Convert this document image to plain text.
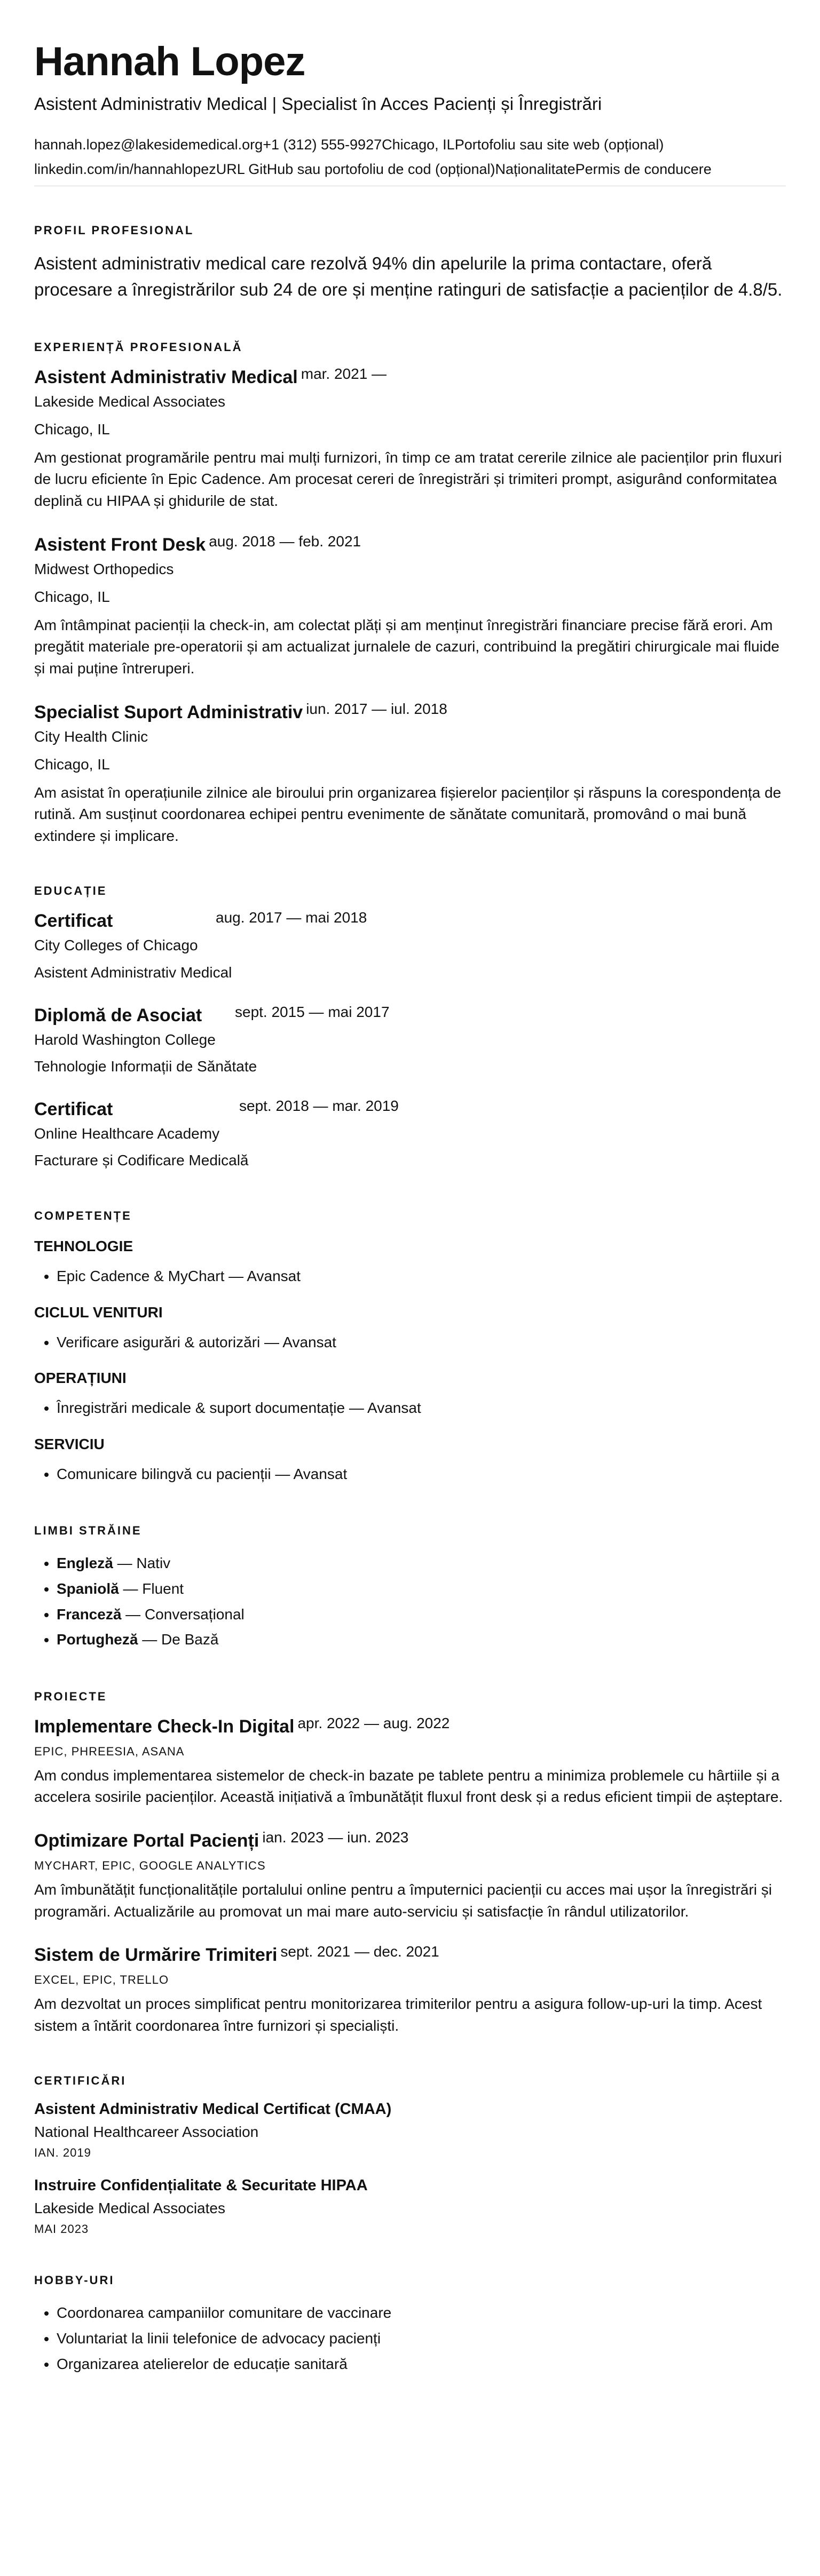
Hannah Lopez
Asistent Administrativ Medical | Specialist în Acces Pacienți și Înregistrări
hannah.lopez@lakesidemedical.org+1 (312) 555-9927Chicago, ILPortofoliu sau site web (opțional)
linkedin.com/in/hannahlopezURL GitHub sau portofoliu de cod (opțional)NaționalitatePermis de conducere
PROFIL PROFESIONAL
Asistent administrativ medical care rezolvă 94% din apelurile la prima contactare, oferă procesare a înregistrărilor sub 24 de ore și menține ratinguri de satisfacție a pacienților de 4.8/5.
EXPERIENȚĂ PROFESIONALĂ
Asistent Administrativ Medical mar. 2021 —
Lakeside Medical Associates
Chicago, IL
Am gestionat programările pentru mai mulți furnizori, în timp ce am tratat cererile zilnice ale pacienților prin fluxuri de lucru eficiente în Epic Cadence. Am procesat cereri de înregistrări și trimiteri prompt, asigurând conformitatea deplină cu HIPAA și ghidurile de stat.
Asistent Front Desk aug. 2018 — feb. 2021
Midwest Orthopedics
Chicago, IL
Am întâmpinat pacienții la check-in, am colectat plăți și am menținut înregistrări financiare precise fără erori. Am pregătit materiale pre-operatorii și am actualizat jurnalele de cazuri, contribuind la pregătiri chirurgicale mai fluide și mai puține întreruperi.
Specialist Suport Administrativ iun. 2017 — iul. 2018
City Health Clinic
Chicago, IL
Am asistat în operațiunile zilnice ale biroului prin organizarea fișierelor pacienților și răspuns la corespondența de rutină. Am susținut coordonarea echipei pentru evenimente de sănătate comunitară, promovând o mai bună extindere și implicare.
EDUCAȚIE
Certificat	aug. 2017 — mai 2018
City Colleges of Chicago
Asistent Administrativ Medical
Diplomă de Asociat	sept. 2015 — mai 2017
Harold Washington College
Tehnologie Informații de Sănătate
Certificat	sept. 2018 — mar. 2019
Online Healthcare Academy
Facturare și Codificare Medicală
COMPETENȚE
TEHNOLOGIE
• Epic Cadence & MyChart — Avansat
CICLUL VENITURI
• Verificare asigurări & autorizări — Avansat
OPERAȚIUNI
• Înregistrări medicale & suport documentație — Avansat
SERVICIU
• Comunicare bilingvă cu pacienții — Avansat
LIMBI STRĂINE
• Engleză — Nativ
• Spaniolă — Fluent
• Franceză — Conversațional
• Portugheză — De Bază
PROIECTE
Implementare Check-In Digital apr. 2022 — aug. 2022
EPIC, PHREESIA, ASANA
Am condus implementarea sistemelor de check-in bazate pe tablete pentru a minimiza problemele cu hârtiile și a accelera sosirile pacienților. Această inițiativă a îmbunătățit fluxul front desk și a redus eficient timpii de așteptare.
Optimizare Portal Pacienți ian. 2023 — iun. 2023
MYCHART, EPIC, GOOGLE ANALYTICS
Am îmbunătățit funcționalitățile portalului online pentru a împuternici pacienții cu acces mai ușor la înregistrări și programări. Actualizările au promovat un mai mare auto-serviciu și satisfacție în rândul utilizatorilor.
Sistem de Urmărire Trimiteri sept. 2021 — dec. 2021
EXCEL, EPIC, TRELLO
Am dezvoltat un proces simplificat pentru monitorizarea trimiterilor pentru a asigura follow-up-uri la timp. Acest sistem a întărit coordonarea între furnizori și specialiști.
CERTIFICĂRI
Asistent Administrativ Medical Certificat (CMAA)
National Healthcareer Association
IAN. 2019
Instruire Confidențialitate & Securitate HIPAA
Lakeside Medical Associates
MAI 2023
HOBBY-URI
• Coordonarea campaniilor comunitare de vaccinare
• Voluntariat la linii telefonice de advocacy pacienți
• Organizarea atelierelor de educație sanitară
